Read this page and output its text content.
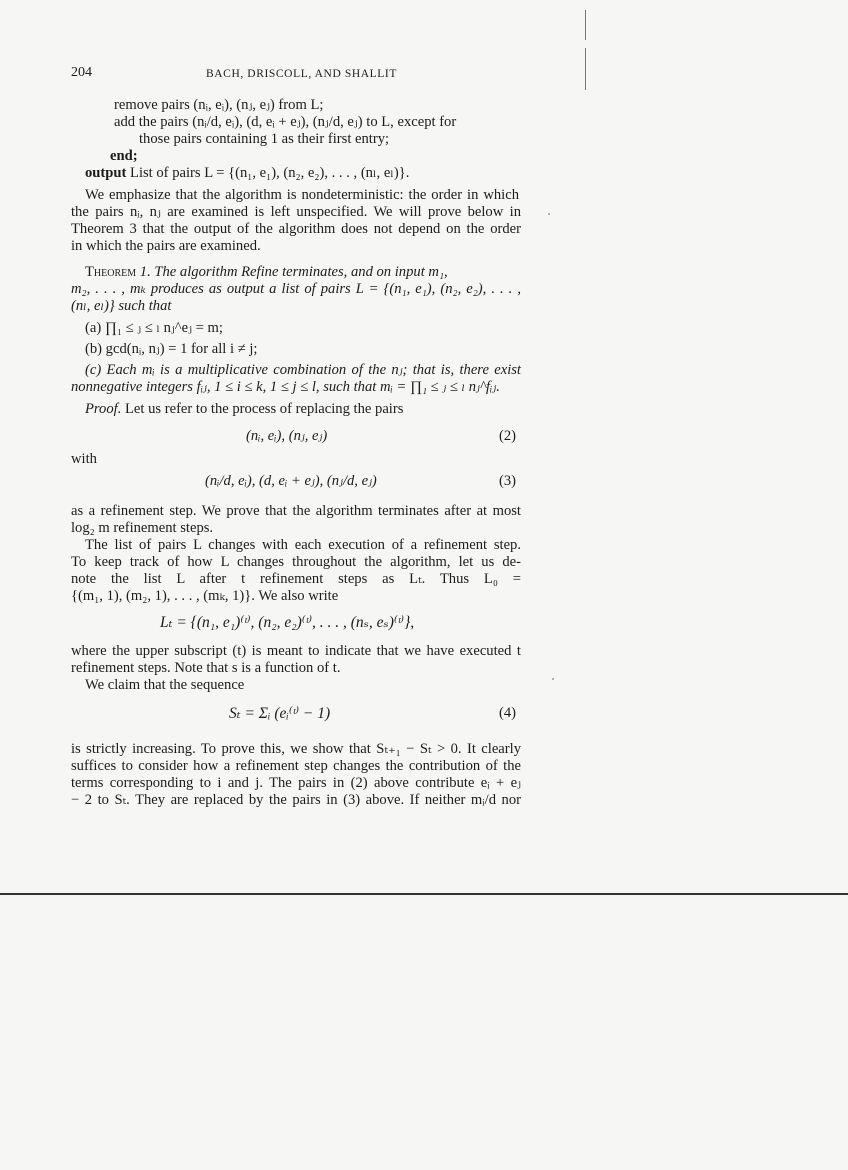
204	BACH, DRISCOLL, AND SHALLIT
remove pairs (nᵢ, eᵢ), (nⱼ, eⱼ) from L;
add the pairs (nᵢ/d, eᵢ), (d, eᵢ + eⱼ), (nⱼ/d, eⱼ) to L, except for
those pairs containing 1 as their first entry;
end;
output List of pairs L = {(n₁, e₁), (n₂, e₂), . . . , (nₗ, eₗ)}.
We emphasize that the algorithm is nondeterministic: the order in which
the pairs nᵢ, nⱼ are examined is left unspecified. We will prove below in
Theorem 3 that the output of the algorithm does not depend on the order
in which the pairs are examined.
Theorem 1. The algorithm Refine terminates, and on input m₁,
m₂, . . . , mₖ produces as output a list of pairs L = {(n₁, e₁), (n₂, e₂), . . . ,
(nₗ, eₗ)} such that
(a) ∏₁ ≤ ⱼ ≤ ₗ nⱼ^eⱼ = m;
(b) gcd(nᵢ, nⱼ) = 1 for all i ≠ j;
(c) Each mᵢ is a multiplicative combination of the nⱼ; that is, there exist
nonnegative integers fᵢⱼ, 1 ≤ i ≤ k, 1 ≤ j ≤ l, such that mᵢ = ∏₁ ≤ ⱼ ≤ ₗ nⱼ^fᵢⱼ.
Proof. Let us refer to the process of replacing the pairs
(nᵢ, eᵢ), (nⱼ, eⱼ)	(2)
with
(nᵢ/d, eᵢ), (d, eᵢ + eⱼ), (nⱼ/d, eⱼ)	(3)
as a refinement step. We prove that the algorithm terminates after at most
log₂ m refinement steps.
The list of pairs L changes with each execution of a refinement step.
To keep track of how L changes throughout the algorithm, let us de-
note the list L after t refinement steps as Lₜ. Thus L₀ =
{(m₁, 1), (m₂, 1), . . . , (mₖ, 1)}. We also write
Lₜ = {(n₁, e₁)⁽ᵗ⁾, (n₂, e₂)⁽ᵗ⁾, . . . , (nₛ, eₛ)⁽ᵗ⁾},
where the upper subscript (t) is meant to indicate that we have executed t
refinement steps. Note that s is a function of t.
We claim that the sequence
Sₜ = Σᵢ (eᵢ⁽ᵗ⁾ − 1)	(4)
is strictly increasing. To prove this, we show that Sₜ₊₁ − Sₜ > 0. It clearly
suffices to consider how a refinement step changes the contribution of the
terms corresponding to i and j. The pairs in (2) above contribute eᵢ + eⱼ
− 2 to Sₜ. They are replaced by the pairs in (3) above. If neither mᵢ/d nor
